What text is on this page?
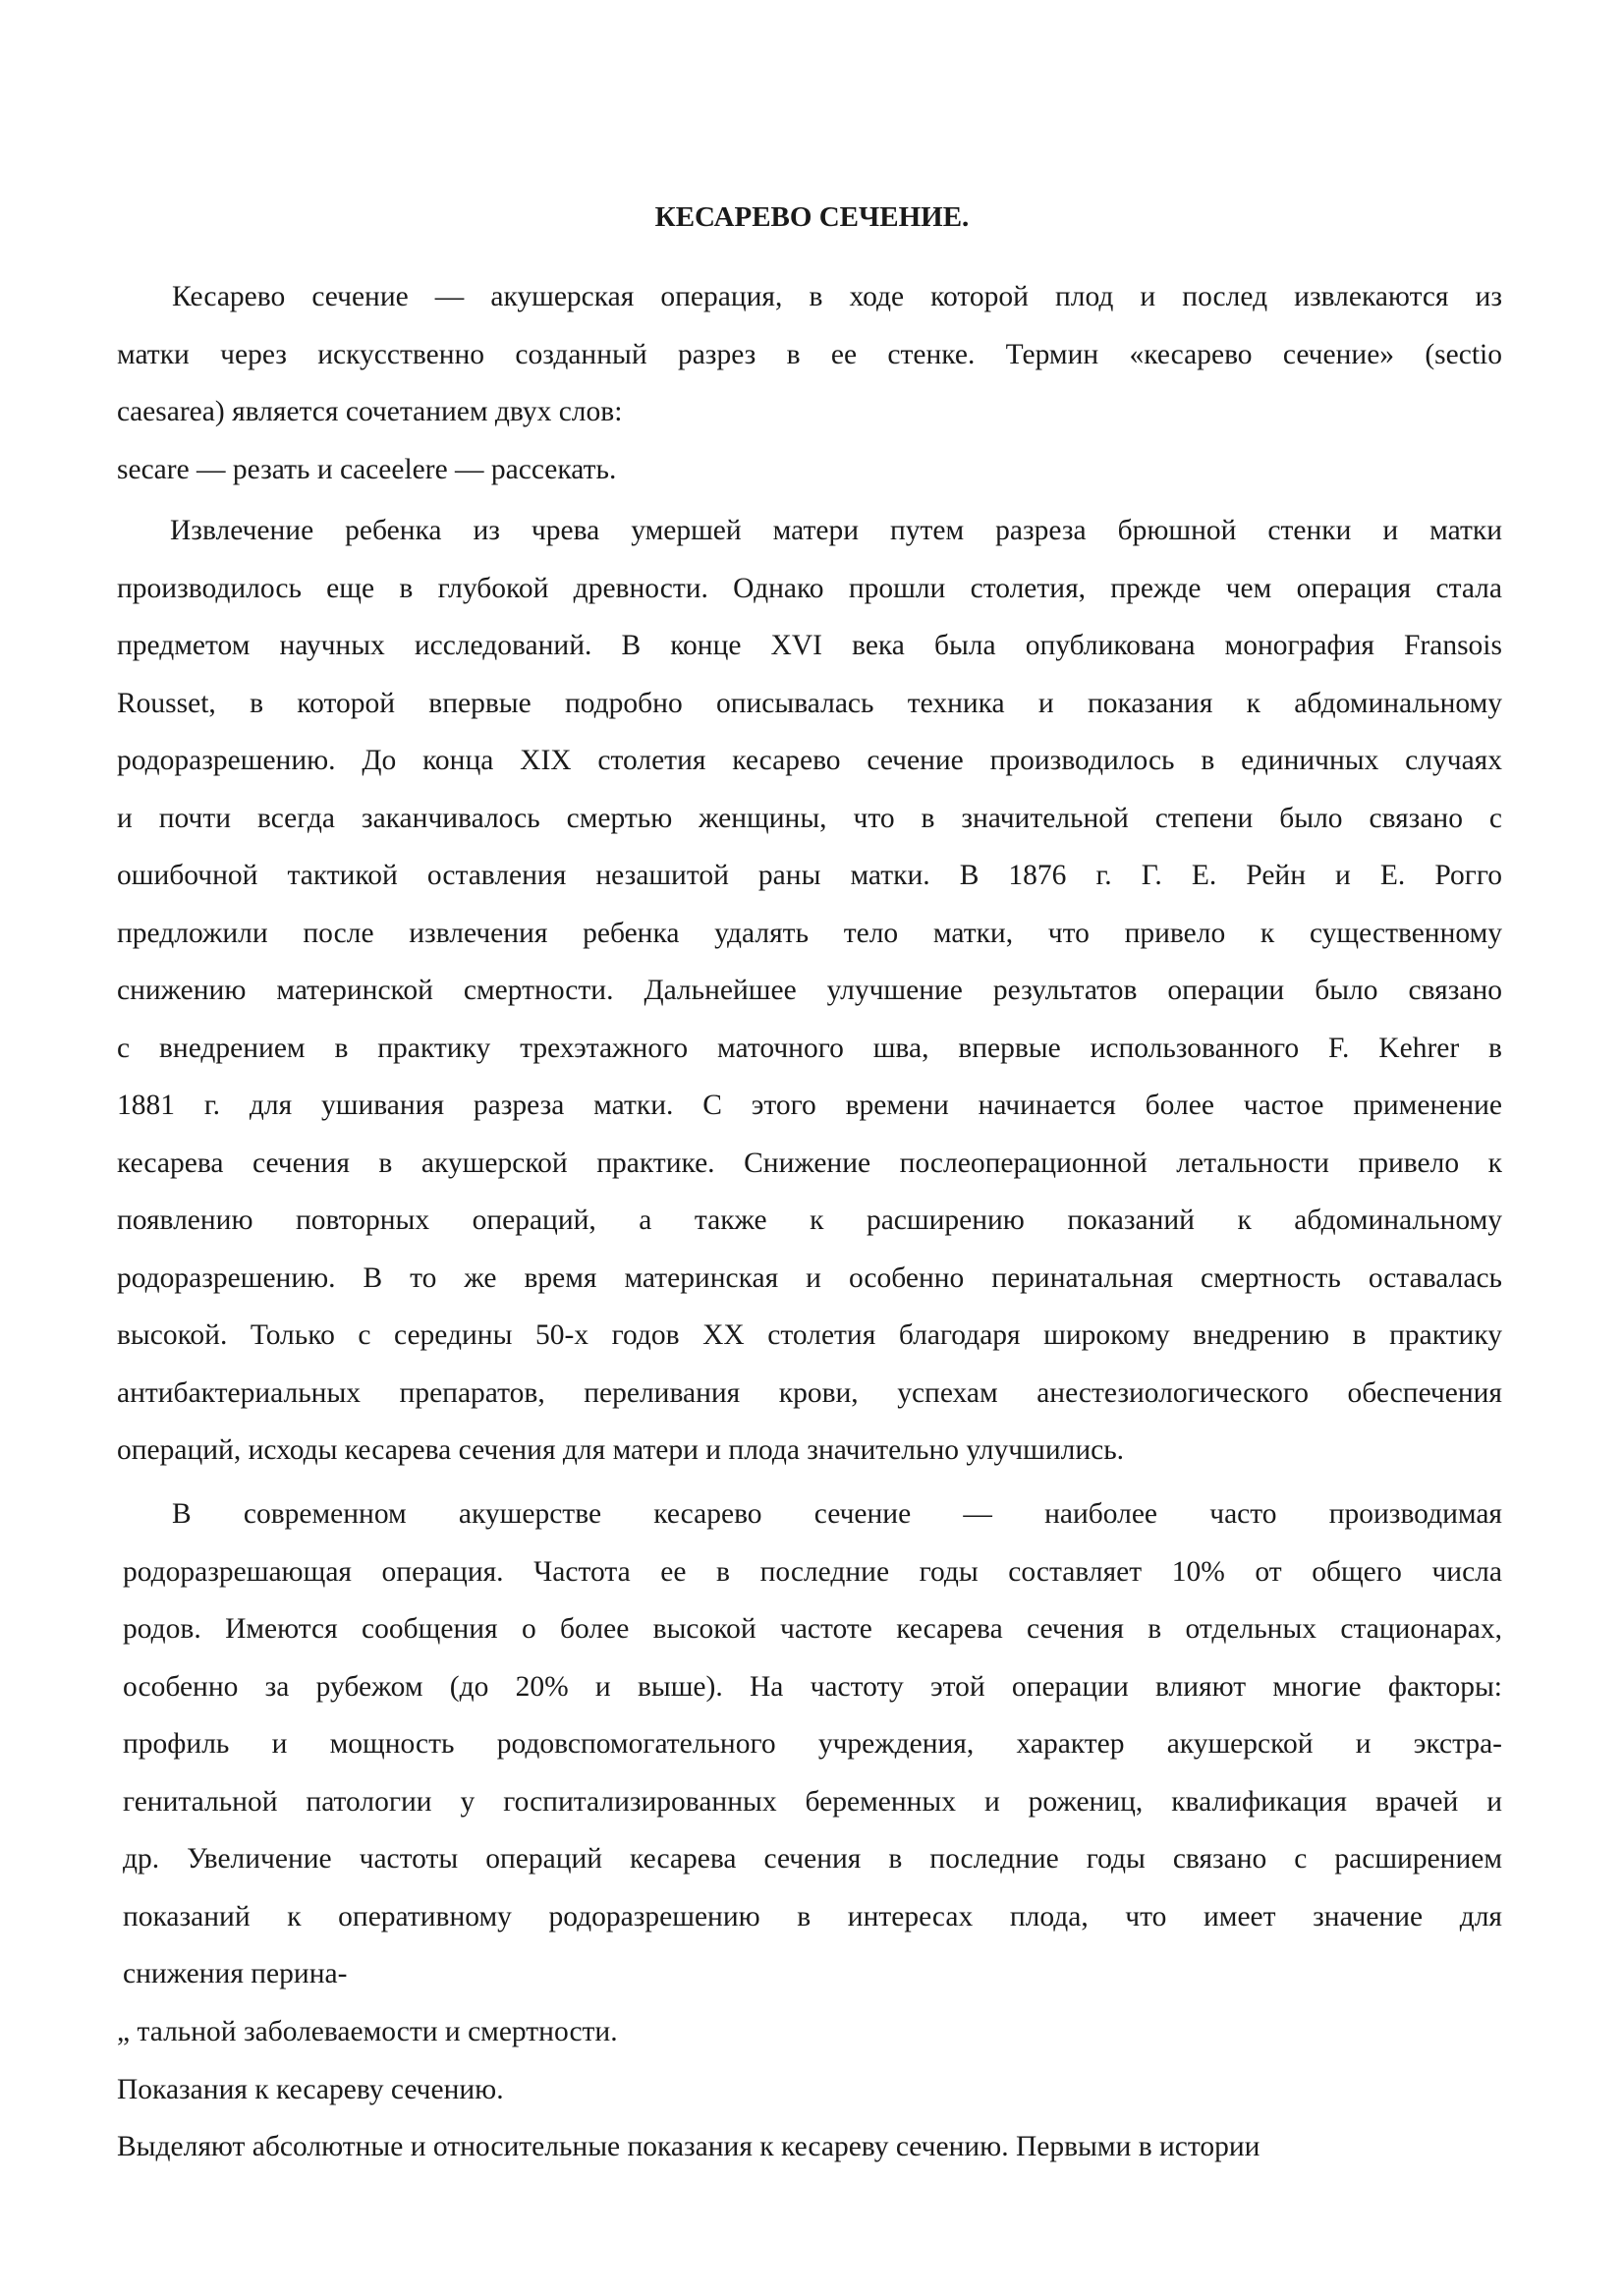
КЕСАРЕВО СЕЧЕНИЕ.
Кесарево сечение — акушерская операция, в ходе которой плод и послед извлекаются из
матки через искусственно созданный разрез в ее стенке. Термин «кесарево сечение» (sectio
caesarea) является сочетанием двух слов:
secare — резать и caceelere — рассекать.
Извлечение ребенка из чрева умершей матери путем разреза брюшной стенки и матки
производилось еще в глубокой древности. Однако прошли столетия, прежде чем операция стала
предметом научных исследований. В конце XVI века была опубликована монография Fransois
Rousset, в которой впервые подробно описывалась техника и показания к абдоминальному
родоразрешению. До конца XIX столетия кесарево сечение производилось в единичных случаях
и почти всегда заканчивалось смертью женщины, что в значительной степени было связано с
ошибочной тактикой оставления незашитой раны матки. В 1876 г. Г. Е. Рейн и Е. Рогго
предложили после извлечения ребенка удалять тело матки, что привело к существенному
снижению материнской смертности. Дальнейшее улучшение результатов операции было связано
с внедрением в практику трехэтажного маточного шва, впервые использованного F. Kehrer в
1881 г. для ушивания разреза матки. С этого времени начинается более частое применение
кесарева сечения в акушерской практике. Снижение послеоперационной летальности привело к
появлению повторных операций, а также к расширению показаний к абдоминальному
родоразрешению. В то же время материнская и особенно перинатальная смертность оставалась
высокой. Только с середины 50-х годов XX столетия благодаря широкому внедрению в практику
антибактериальных препаратов, переливания крови, успехам анестезиологического обеспечения
операций, исходы кесарева сечения для матери и плода значительно улучшились.
В современном акушерстве кесарево сечение — наиболее часто производимая
родоразрешающая операция. Частота ее в последние годы составляет 10% от общего числа
родов. Имеются сообщения о более высокой частоте кесарева сечения в отдельных стационарах,
особенно за рубежом (до 20% и выше). На частоту этой операции влияют многие факторы:
профиль и мощность родовспомогательного учреждения, характер акушерской и экстра-
генитальной патологии у госпитализированных беременных и рожениц, квалификация врачей и
др. Увеличение частоты операций кесарева сечения в последние годы связано с расширением
показаний к оперативному родоразрешению в интересах плода, что имеет значение для
снижения перина-
„ тальной заболеваемости и смертности.
Показания к кесареву сечению.
Выделяют абсолютные и относительные показания к кесареву сечению. Первыми в истории
